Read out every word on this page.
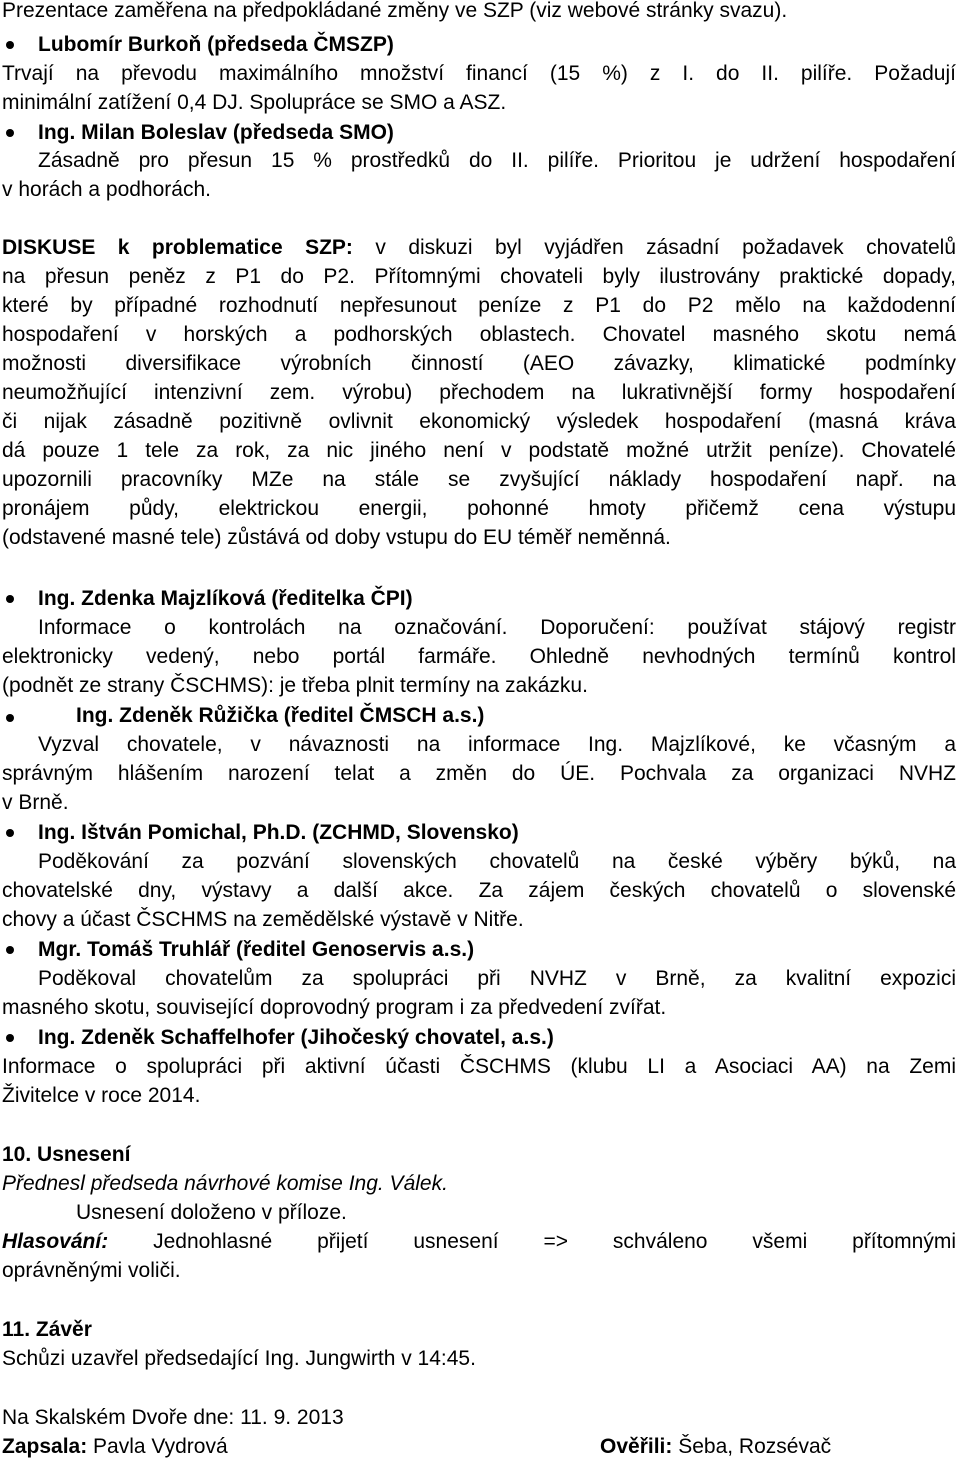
Prezentace zaměřena na předpokládané změny ve SZP (viz webové stránky svazu).
Lubomír Burkoň (předseda ČMSZP)
Trvají na převodu maximálního množství financí (15 %) z I. do II. pilíře. Požadují
minimální zatížení 0,4 DJ. Spolupráce se SMO a ASZ.
Ing. Milan Boleslav (předseda SMO)
Zásadně pro přesun 15 % prostředků do II. pilíře. Prioritou je udržení hospodaření
v horách a podhorách.
DISKUSE k problematice SZP: v diskuzi byl vyjádřen zásadní požadavek chovatelů
na přesun peněz z P1 do P2. Přítomnými chovateli byly ilustrovány praktické dopady,
které by případné rozhodnutí nepřesunout peníze z P1 do P2 mělo na každodenní
hospodaření v horských a podhorských oblastech. Chovatel masného skotu nemá
možnosti diversifikace výrobních činností (AEO závazky, klimatické podmínky
neumožňující intenzivní zem. výrobu) přechodem na lukrativnější formy hospodaření
či nijak zásadně pozitivně ovlivnit ekonomický výsledek hospodaření (masná kráva
dá pouze 1 tele za rok, za nic jiného není v podstatě možné utržit peníze). Chovatelé
upozornili pracovníky MZe na stále se zvyšující náklady hospodaření např. na
pronájem půdy, elektrickou energii, pohonné hmoty přičemž cena výstupu
(odstavené masné tele) zůstává od doby vstupu do EU téměř neměnná.
Ing. Zdenka Majzlíková (ředitelka ČPI)
Informace o kontrolách na označování. Doporučení: používat stájový registr
elektronicky vedený, nebo portál farmáře. Ohledně nevhodných termínů kontrol
(podnět ze strany ČSCHMS): je třeba plnit termíny na zakázku.
Ing. Zdeněk Růžička (ředitel ČMSCH a.s.)
Vyzval chovatele, v návaznosti na informace Ing. Majzlíkové, ke včasným a
správným hlášením narození telat a změn do ÚE. Pochvala za organizaci NVHZ
v Brně.
Ing. Ištván Pomichal, Ph.D. (ZCHMD, Slovensko)
Poděkování za pozvání slovenských chovatelů na české výběry býků, na
chovatelské dny, výstavy a další akce. Za zájem českých chovatelů o slovenské
chovy a účast ČSCHMS na zemědělské výstavě v Nitře.
Mgr. Tomáš Truhlář (ředitel Genoservis a.s.)
Poděkoval chovatelům za spolupráci při NVHZ v Brně, za kvalitní expozici
masného skotu, související doprovodný program i za předvedení zvířat.
Ing. Zdeněk Schaffelhofer (Jihočeský chovatel, a.s.)
Informace o spolupráci při aktivní účasti ČSCHMS (klubu LI a Asociaci AA) na Zemi
Živitelce v roce 2014.
10. Usnesení
Přednesl předseda návrhové komise Ing. Válek.
Usnesení doloženo v příloze.
Hlasování: Jednohlasné přijetí usnesení => schváleno všemi přítomnými
oprávněnými voliči.
11. Závěr
Schůzi uzavřel předsedající Ing. Jungwirth v 14:45.
Na Skalském Dvoře dne: 11. 9. 2013
Zapsala: Pavla Vydrová	Ověřili: Šeba, Rozsévač
